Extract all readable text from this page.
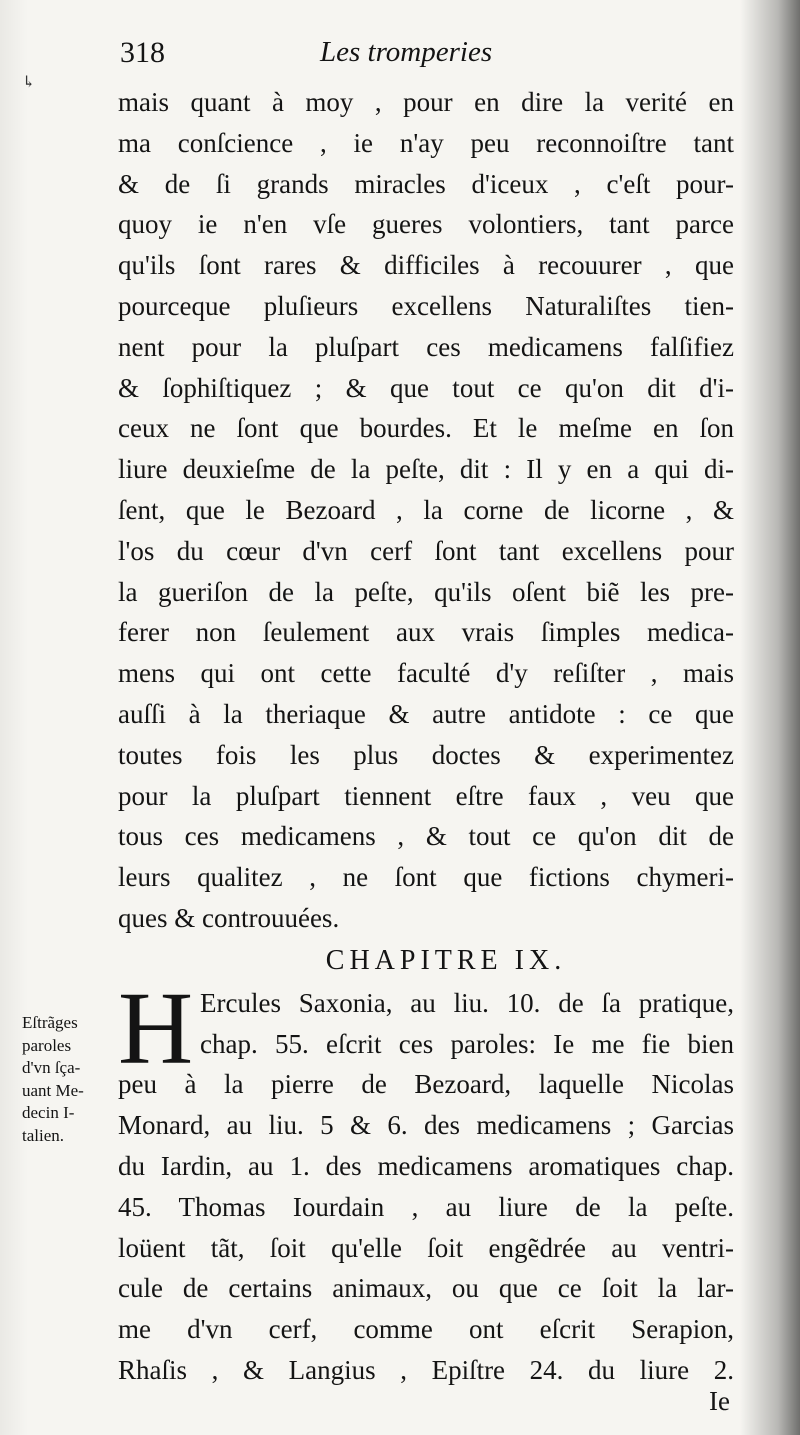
↳
318	Les tromperies
mais quant à moy , pour en dire la verité en
ma conſcience , ie n'ay peu reconnoiſtre tant
& de ſi grands miracles d'iceux , c'eſt pour-
quoy ie n'en vſe gueres volontiers, tant parce
qu'ils ſont rares & difficiles à recouurer , que
pourceque pluſieurs excellens Naturaliſtes tien-
nent pour la pluſpart ces medicamens falſifiez
& ſophiſtiquez ; & que tout ce qu'on dit d'i-
ceux ne ſont que bourdes. Et le meſme en ſon
liure deuxieſme de la peſte, dit : Il y en a qui di-
ſent, que le Bezoard , la corne de licorne , &
l'os du cœur d'vn cerf ſont tant excellens pour
la gueriſon de la peſte, qu'ils oſent biẽ les pre-
ferer non ſeulement aux vrais ſimples medica-
mens qui ont cette faculté d'y reſiſter , mais
auſſi à la theriaque & autre antidote : ce que
toutes fois les plus doctes & experimentez
pour la pluſpart tiennent eſtre faux , veu que
tous ces medicamens , & tout ce qu'on dit de
leurs qualitez , ne ſont que fictions chymeri-
ques & controuuées.
CHAPITRE IX.
H Ercules Saxonia, au liu. 10. de ſa pratique,
chap. 55. eſcrit ces paroles: Ie me fie bien
peu à la pierre de Bezoard, laquelle Nicolas
Monard, au liu. 5 & 6. des medicamens ; Garcias
du Iardin, au 1. des medicamens aromatiques chap.
45. Thomas Iourdain , au liure de la peſte.
loüent tãt, ſoit qu'elle ſoit engẽdrée au ventri-
cule de certains animaux, ou que ce ſoit la lar-
me d'vn cerf, comme ont eſcrit Serapion,
Rhaſis , & Langius , Epiſtre 24. du liure 2.
Eſtrãges
paroles
d'vn ſça-
uant Me-
decin I-
talien.
Ie
